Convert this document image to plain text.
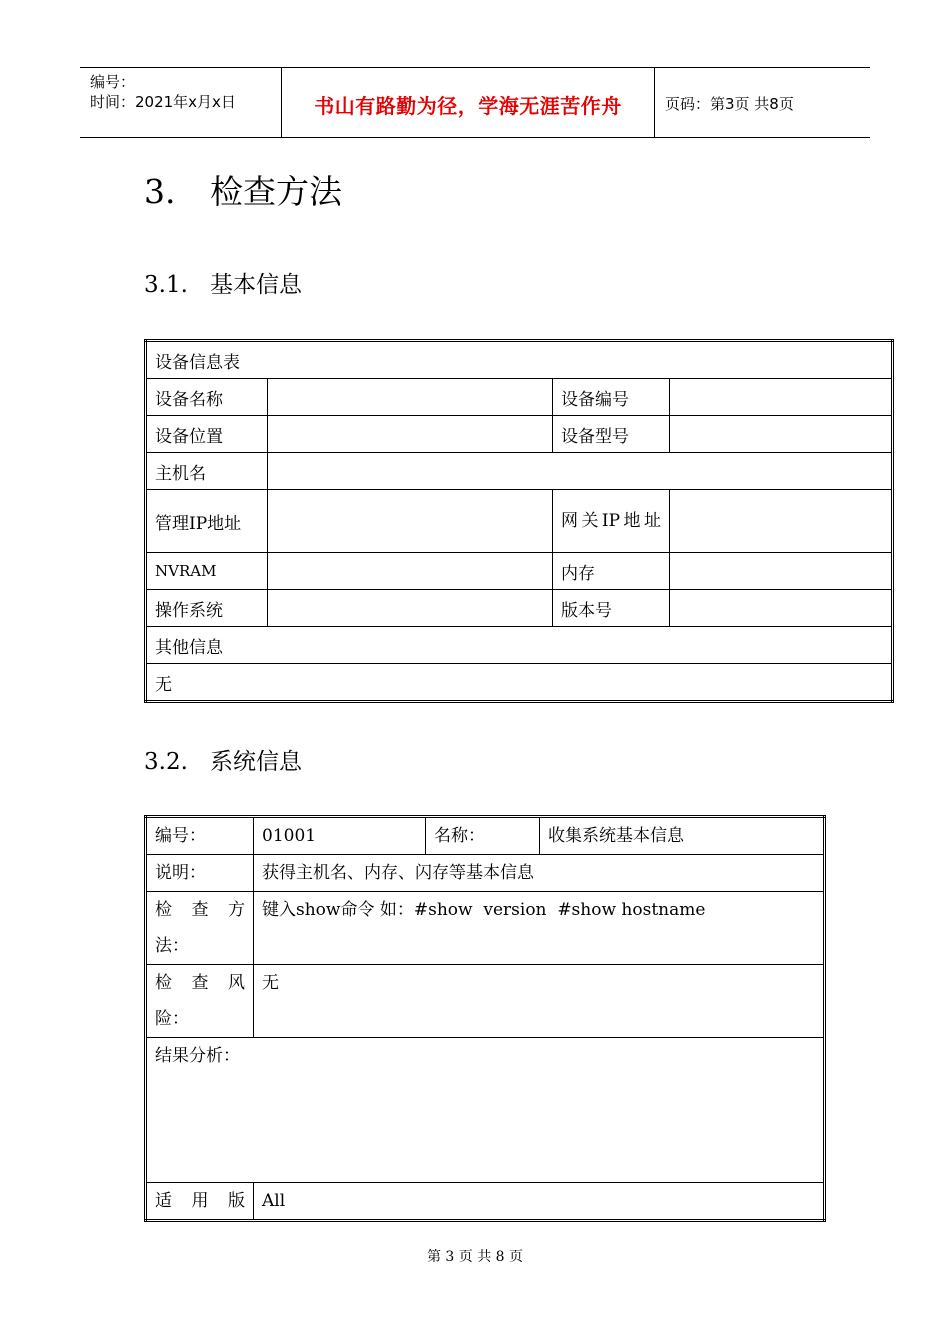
编号：
时间：2021年x月x日	书山有路勤为径，学海无涯苦作舟	页码：第3页 共8页
3. 检查方法
3.1. 基本信息
设备信息表			
设备名称		设备编号	
设备位置		设备型号	
主机名			
管理IP地址		网关IP地址	

NVRAM		内存	
操作系统		版本号	
其他信息			
无			
3.2. 系统信息
编号：	01001	名称：	收集系统基本信息
说明：	获得主机名、内存、闪存等基本信息		

检 查 方
法：	键入show命令 如：#show  version  #show hostname		

检 查 风
险：	无		
结果分析：			

适 用 版	All		
第 3 页 共 8 页
